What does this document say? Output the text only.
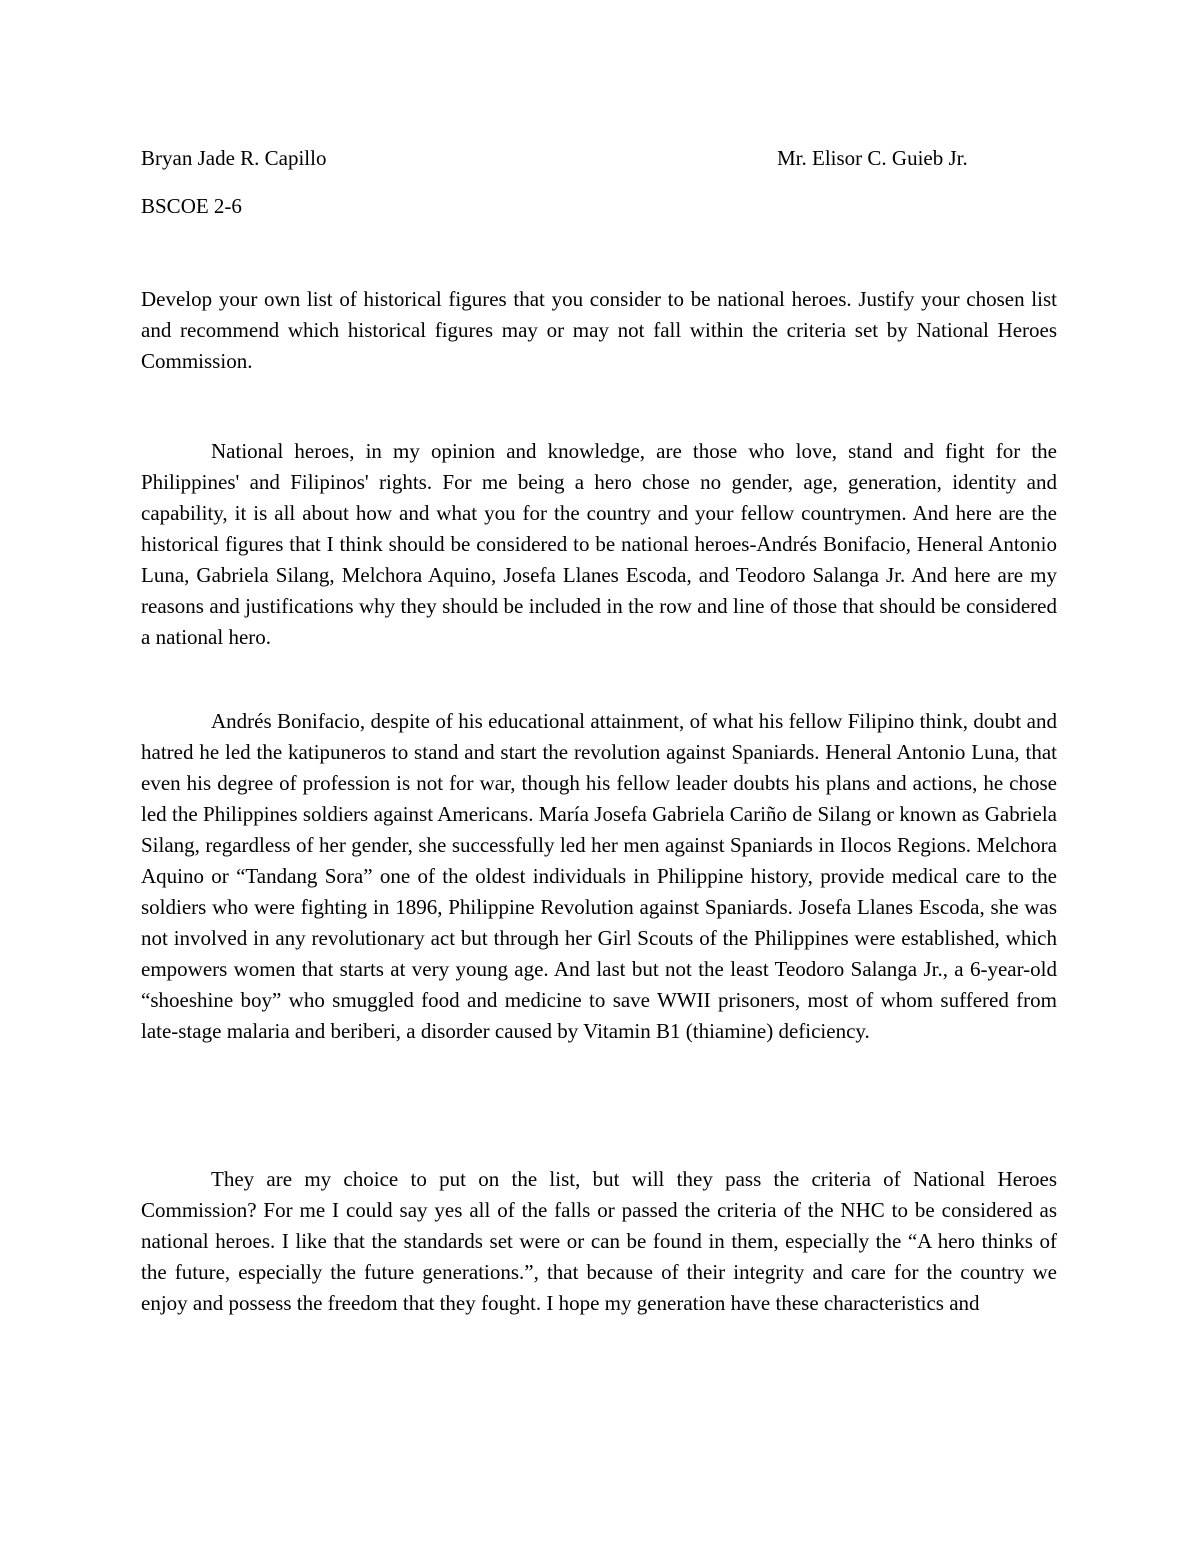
Bryan Jade R. Capillo	Mr. Elisor C. Guieb Jr.
BSCOE 2-6
Develop your own list of historical figures that you consider to be national heroes. Justify your chosen list and recommend which historical figures may or may not fall within the criteria set by National Heroes Commission.
National heroes, in my opinion and knowledge, are those who love, stand and fight for the Philippines' and Filipinos' rights. For me being a hero chose no gender, age, generation, identity and capability, it is all about how and what you for the country and your fellow countrymen. And here are the historical figures that I think should be considered to be national heroes-Andrés Bonifacio, Heneral Antonio Luna, Gabriela Silang, Melchora Aquino, Josefa Llanes Escoda, and Teodoro Salanga Jr. And here are my reasons and justifications why they should be included in the row and line of those that should be considered a national hero.
Andrés Bonifacio, despite of his educational attainment, of what his fellow Filipino think, doubt and hatred he led the katipuneros to stand and start the revolution against Spaniards. Heneral Antonio Luna, that even his degree of profession is not for war, though his fellow leader doubts his plans and actions, he chose led the Philippines soldiers against Americans. María Josefa Gabriela Cariño de Silang or known as Gabriela Silang, regardless of her gender, she successfully led her men against Spaniards in Ilocos Regions. Melchora Aquino or “Tandang Sora” one of the oldest individuals in Philippine history, provide medical care to the soldiers who were fighting in 1896, Philippine Revolution against Spaniards. Josefa Llanes Escoda, she was not involved in any revolutionary act but through her Girl Scouts of the Philippines were established, which empowers women that starts at very young age. And last but not the least Teodoro Salanga Jr., a 6-year-old “shoeshine boy” who smuggled food and medicine to save WWII prisoners, most of whom suffered from late-stage malaria and beriberi, a disorder caused by Vitamin B1 (thiamine) deficiency.
They are my choice to put on the list, but will they pass the criteria of National Heroes Commission? For me I could say yes all of the falls or passed the criteria of the NHC to be considered as national heroes. I like that the standards set were or can be found in them, especially the “A hero thinks of the future, especially the future generations.”, that because of their integrity and care for the country we enjoy and possess the freedom that they fought. I hope my generation have these characteristics and
